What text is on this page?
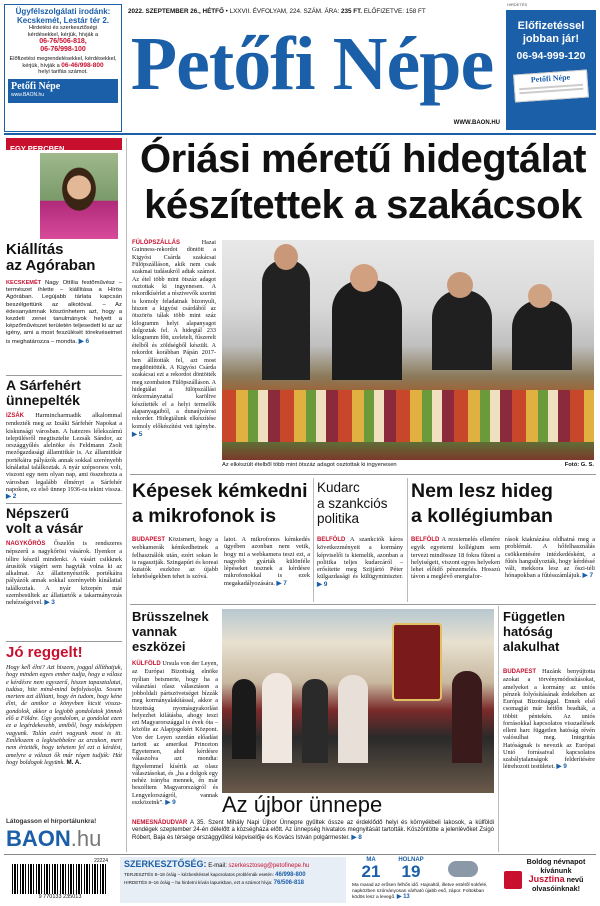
Ügyfélszolgálati irodánk:
Kecskemét, Lestár tér 2.
Hirdetési és szerkesztőségi
kérdésekkel, kérjük, hívják a
06-76/506-818,
06-76/998-100
Előfizetési megrendelésekkel, kérdésekkel,
kérjük, hívják a 06-46/998-800
helyi tarifás számot.
Petőfi Népe
www.BAON.hu
2022. SZEPTEMBER 26., HÉTFŐ • LXXVII. ÉVFOLYAM, 224. SZÁM. ÁRA: 235 FT. ELŐFIZETVE: 158 FT
Petőfi Népe
WWW.BAON.HU
HIRDETÉS
Előfizetéssel
jobban jár!
06-94-999-120
Petőfi Népe
EGY PERCBEN
Kiállítás
az Agóraban
KECSKEMÉT Nagy Ottília festőművész – természet ihlette – kiállítása a Hírös Agórában. Legújabb tárlata kapcsán beszélgettünk az alkotóval. – Az édesanyámnak köszönhetem azt, hogy a kezdeti zenei tanulmányok helyett a képzőművészet területén teljesedett ki az az igény, ami a most feszülését törekvéseimet is meghatározza – mondta. ▶ 6
A Sárfehért
ünnepelték
IZSÁK Harmincharmadik alkalommal rendezték meg az Izsáki Sárfehér Napokat a kiskunsági városban. A hatezres lélekszámú településről megtisztelte Lezsák Sándor, az országgyűlés alelnöke és Feldmann Zsolt mezőgazdasági államtitkár is. Az államtitkár portékáira pályázók annak sokkal szerényebb kínálattal találkoztak. A nyár szépsorsos volt, viszont egy nem olyan nap, ami összehozta a városban legalább élményt a Sárfehér napokon, ez első ünnep 1936-ra tekint vissza. ▶ 2
Népszerű
volt a vásár
NAGYKŐRÖS Őszelőn is rendszeres népszerű a nagykőrösi vásárok. Ilyenkor a télire készül mindenki. A vásárt csikknek árusítók viágért sem hagyták volna ki az alkalmat. Az állattenyésztők portékáira pályázók annak sokkal szerényebb kínálattal találkoztak. A nyár közepén már szembesültek az állattartók a takarmányozás nehézségeivel. ▶ 3
Jó reggelt!
Hogy kell élni? Azt hiszem, joggal állíthatjuk, hogy minden egyes ember tudja, hogy a válasz e kérdésre nem egyszerű, hiszen tapasztalatai, tudása, hite mind-mind befolyásolja. Sosem mertem azt állítani, hogy én tudom, hogy kéne élni, de amikor a könyvben kicsit vissza-gondolok, akkor a legjobb gondolatok jönnek elő a Földre. Úgy gondolom, a gondolat ezen ez a legérdekesebb, amiből, hogy másképpen vagyunk. Talán ezért vagyunk most is itt. Emlékszem a legkisebbekre az arcukon, mert nem értették, hogy tehetem fel ezt a kérdést, amelyre a választ ők már régen tudják: Hát hogy boldogok legyünk. M. A.
Látogasson el hírportálunkra!
BAON.hu
Óriási méretű hidegtálat
készítettek a szakácsok
FÜLÖPSZÁLLÁS	Hazai Guinness-rekordot döntött a Kigyósi Csárda szakácsai Fülöpszálláson, akik nem csak szakmai tudásukról adtak számot. Az étel több mint ötszáz adagot osztottak ki ingyenesen. A rekordkísérlet a résztvevők szerint is komoly feladatnak bizonyult, hiszen a kigyósi csárdából az ötszörös tálak több mint száz kilogramm helyi alapanyagot dolgoztak fel. A hidegtál 233 kilogramm főtt, szeletelt, fűszerelt ételből és zöldségből készült. A rekordot korábban Pápán 2017-ben állították fel, azt most megdöntötték. A Kigyósi Csárda szakácsai ezt a rekordot döntötték meg szombaton Fülöpszálláson. A hidegtálat a fülöpszállási önkormányzattal karöltve készítették el a helyi termelők alapanyagaiból, a dunaújvárosi rekorder. Hidegtálunk elkészítése komoly előkészítést vett igénybe. ▶ 5
Az elkészült ételből több mint ötszáz adagot osztottak ki ingyenesen	Fotó: G. S.
Képesek kémkedni
a mikrofonok is
BUDAPEST Közismert, hogy a webkamerák kémkedhetnek a felhasználók után, ezért sokan le is ragasztják. Szingapúri és koreai kutatók eszköze az újabb lehetőségekben tehet is szóvá.
latot. A mikrofonos kémkedés ügyében azonban nem vetik, hogy mi a webkamera teszi ezt, a nagyobb gyárták különféle lépéseket tesznek a kérdésre mikrofonokkal is ezek megakadályozására. ▶ 7
Kudarc
a szankciós
politika
BELFÖLD A szankciók káros következményeit a kormány képviselői is kiemelik, azonban a politika teljes kudarcáról – erősítette meg Szijjártó Péter külgazdasági és külügyminiszter. ▶ 9
Nem lesz hideg
a kollégiumban
BELFÖLD A rezsiemelés ellenére egyik egyetemi kollégium sem tervezi mindössze 18 fokra fűteni a helyiségeit, viszont egyes helyeken lehet előidő pénzemelés. Hosszú távon a meglévő energiafor-
rások kiaknázása oldhatná meg a problémát. A hőfelhasználás csökkentésére intézkedésként, a fűtés hangsúlyozták, hogy kérdéssé vált, mekkora lesz az őszi-téli hónapokban a fűtésszámlájuk. ▶ 7
Brüsszelnek
vannak
eszközei
KÜLFÖLD Ursula von der Leyen, az Európai Bizottság elnöke nyíltan beismerte, hogy ha a választási olasz választáson a jobboldali pártszövetséget bízzák meg kormányalakítással, akkor a bizottság nyomásgyakorlást helyezhet kilátásba, ahogy teszi ezt Magyarországgal is évek óta – közölte az Alapjogokért Központ. Von der Leyen szerdán előadást tartott az amerikai Princeton Egyetemen, ahol kérdésre válaszolva azt mondta: figyelemmel kísérik az olasz választásokat, és „ha a dolgok egy nehéz irányba mennek, én már beszéltem Magyarországról és Lengyelországról, vannak eszközeink”. ▶ 9	Az újbor ünnepe
Független
hatóság
alakulhat
BUDAPEST Hazánk benyújtotta azokat a törvénymódosításokat, amelyeket a kormány az uniós pénzek folyósításának érdekében az Európai Bizottsággal. Ennek első csomagját már hétfőn beadták, a többit péntekén. Az uniós forrásokkal kapcsolatos visszaélések elleni harc független hatóság révén valósulhat meg. Integritás Hatóságnak is nevezik az Európai Unió forrásaival kapcsolatos szabálytalanságok felderítésére létrehozott testületet. ▶ 9
NEMESNÁDUDVAR A 35. Szent Mihály Napi Újbor Ünnepre gyűltek össze az érdeklődő helyi és környékbeli lakosok, a külföldi vendégek szeptember 24-én délelőtt a községháza előtt. Az ünnepség hivatalos megnyitását tartották. Köszöntötte a jelenlévőket Zsigó Róbert, Baja és térsége országgyűlési képviselője és Kovács István polgármester. ▶ 8
22224
9 770133 235013
SZERKESZTŐSÉG: E-mail: szerkesztoseg@petofinepe.hu
TERJESZTÉS 8–18 óráig – kézbesítéssel kapcsolatos problémák esetén: 46/998-800
HIRDETÉS 8–16 óráig – ha hirdetni kíván lapunkban, ezt a számot hívja: 76/506-818
MA
21
HOLNAP
19
Ma marad az erősen felhős idő. Hajnaltól, illetve estétől sokfelé, napközben szórványosan várható újabb eső, zápor. Foltokban ködös lesz a levegő. ▶ 13
Boldog névnapot
kívánunk
Jusztina nevű
olvasóinknak!
